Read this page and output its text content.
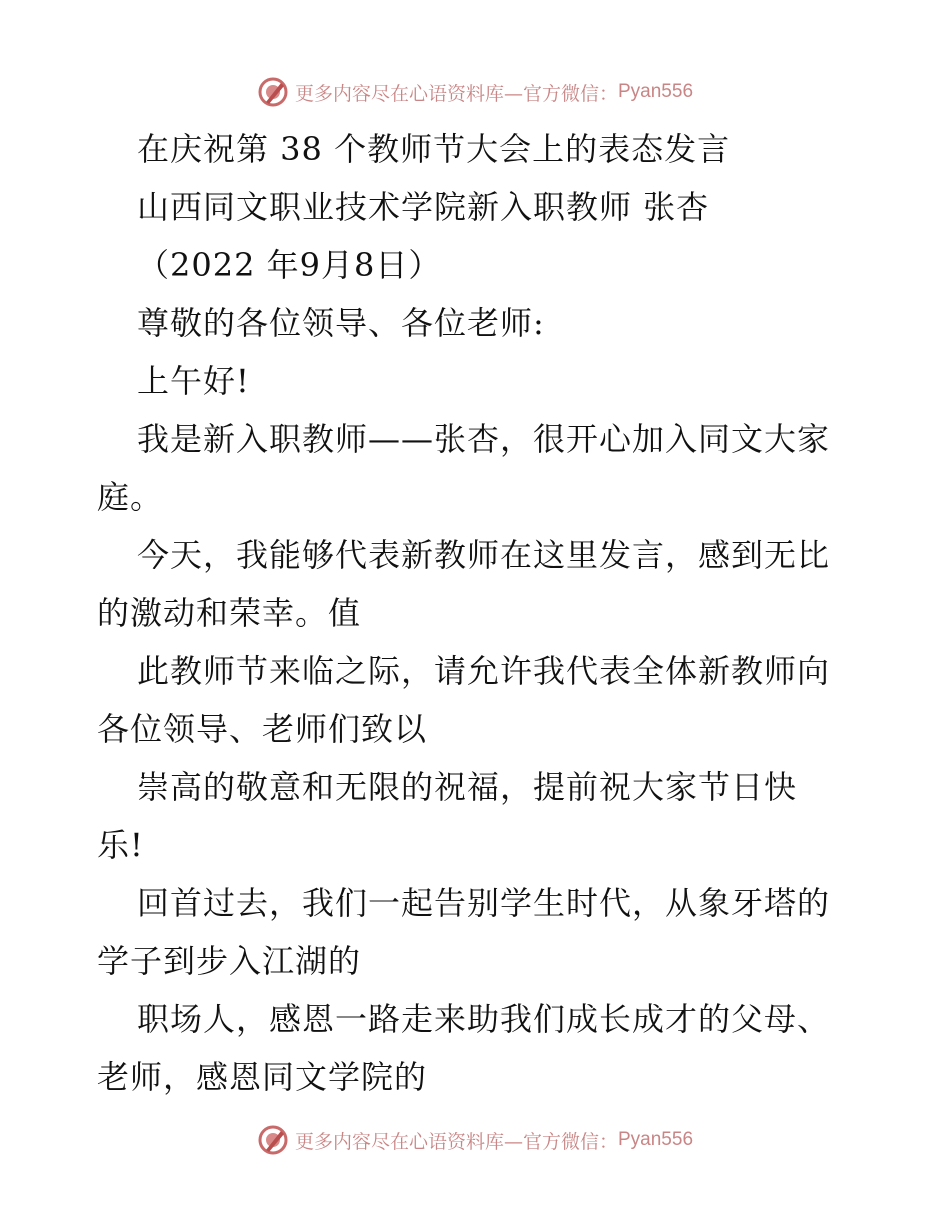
更多内容尽在心语资料库—官方微信： Pyan556
在庆祝第 38 个教师节大会上的表态发言
山西同文职业技术学院新入职教师 张杏
（2022 年9月8日）
尊敬的各位领导、各位老师:
上午好!
我是新入职教师——张杏，很开心加入同文大家
庭。
今天，我能够代表新教师在这里发言，感到无比
的激动和荣幸。值
此教师节来临之际，请允许我代表全体新教师向
各位领导、老师们致以
崇高的敬意和无限的祝福，提前祝大家节日快
乐!
回首过去，我们一起告别学生时代，从象牙塔的
学子到步入江湖的
职场人，感恩一路走来助我们成长成才的父母、
老师，感恩同文学院的
更多内容尽在心语资料库—官方微信： Pyan556
